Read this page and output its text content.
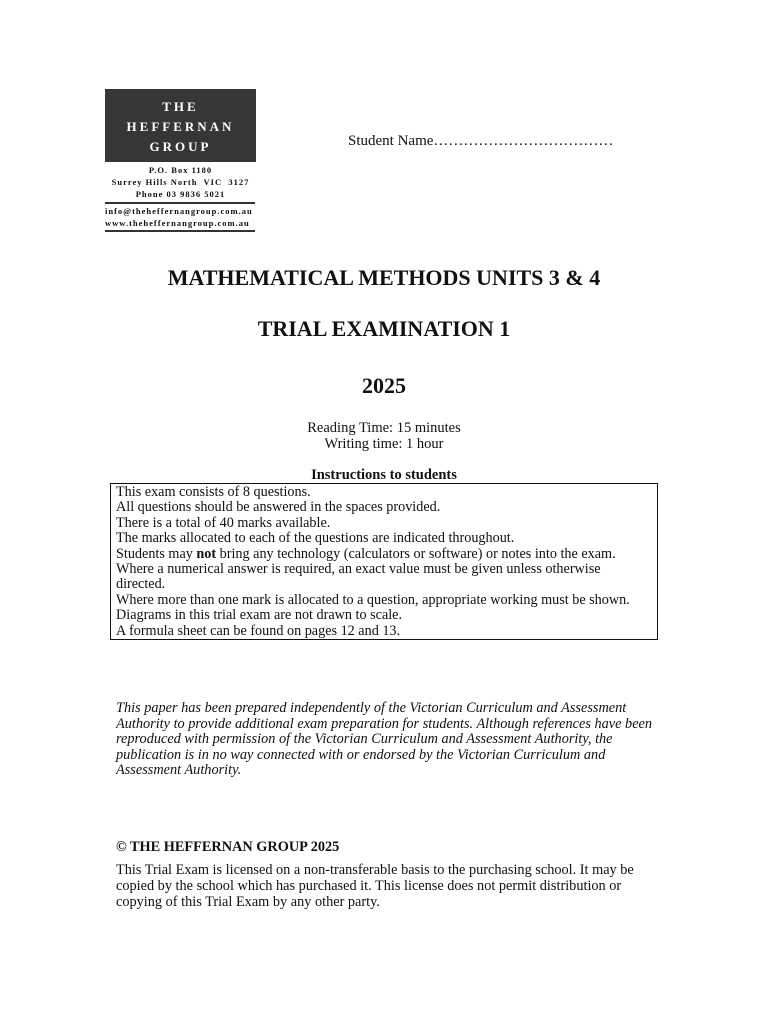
THE
HEFFERNAN
GROUP
P.O. Box 1180
Surrey Hills North  VIC  3127
Phone 03 9836 5021
info@theheffernangroup.com.au
www.theheffernangroup.com.au
Student Name………………………………
MATHEMATICAL METHODS UNITS 3 & 4
TRIAL EXAMINATION 1
2025
Reading Time: 15 minutes
Writing time: 1 hour
Instructions to students
This exam consists of 8 questions.
All questions should be answered in the spaces provided.
There is a total of 40 marks available.
The marks allocated to each of the questions are indicated throughout.
Students may not bring any technology (calculators or software) or notes into the exam.
Where a numerical answer is required, an exact value must be given unless otherwise directed.
Where more than one mark is allocated to a question, appropriate working must be shown.
Diagrams in this trial exam are not drawn to scale.
A formula sheet can be found on pages 12 and 13.
This paper has been prepared independently of the Victorian Curriculum and Assessment Authority to provide additional exam preparation for students. Although references have been reproduced with permission of the Victorian Curriculum and Assessment Authority, the publication is in no way connected with or endorsed by the Victorian Curriculum and Assessment Authority.
© THE HEFFERNAN GROUP 2025
This Trial Exam is licensed on a non-transferable basis to the purchasing school. It may be copied by the school which has purchased it. This license does not permit distribution or copying of this Trial Exam by any other party.
